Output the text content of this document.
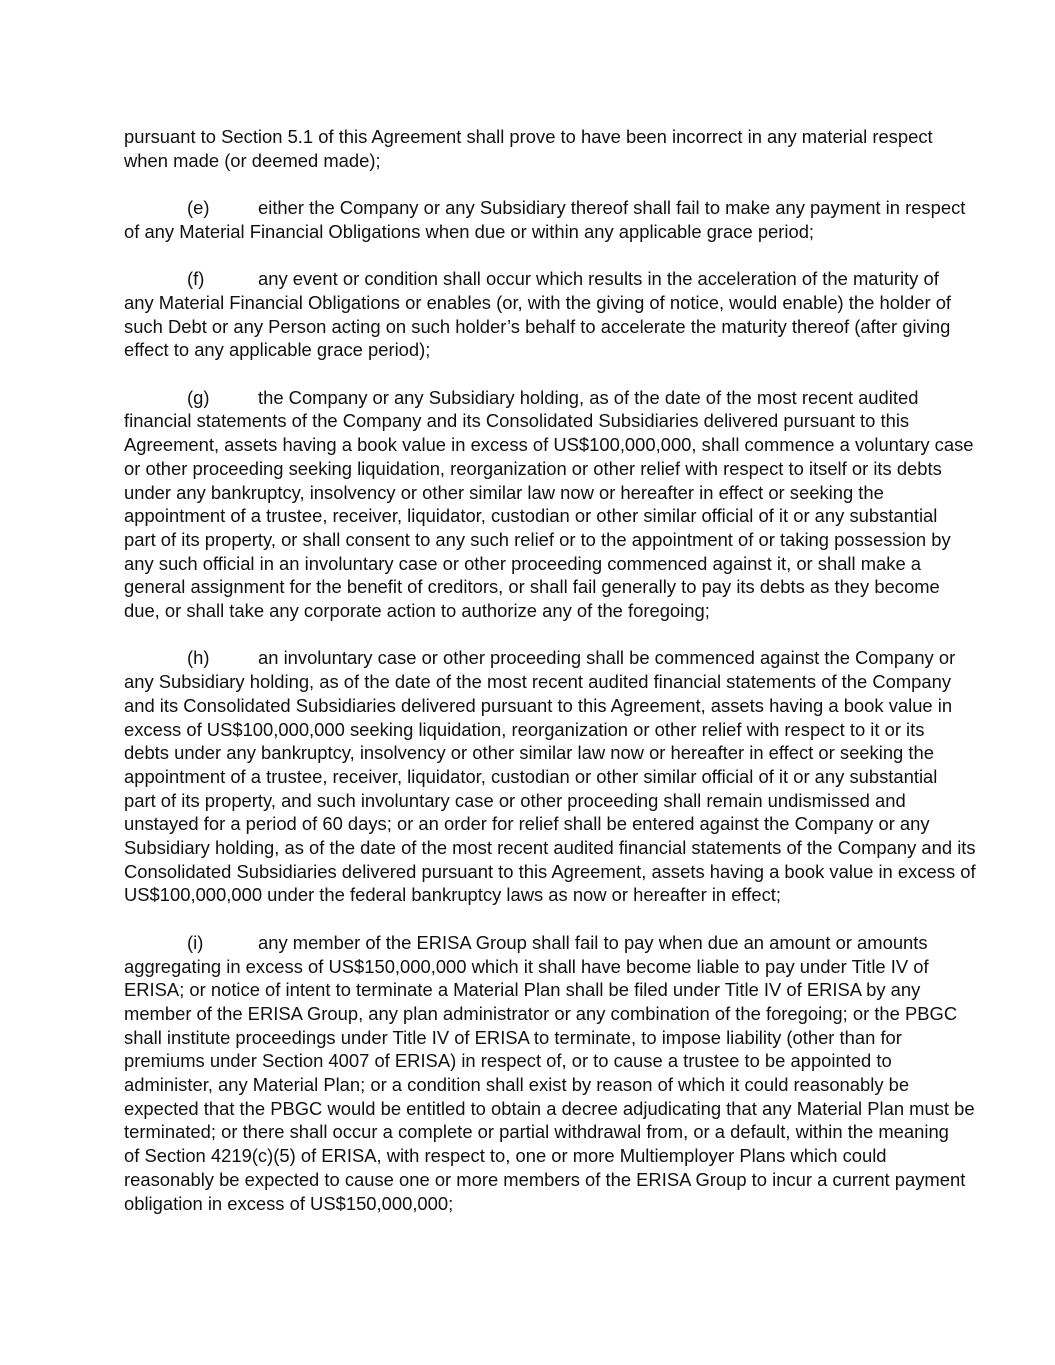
pursuant to Section 5.1 of this Agreement shall prove to have been incorrect in any material respect
when made (or deemed made);
(e)	either the Company or any Subsidiary thereof shall fail to make any payment in respect
of any Material Financial Obligations when due or within any applicable grace period;
(f)	any event or condition shall occur which results in the acceleration of the maturity of
any Material Financial Obligations or enables (or, with the giving of notice, would enable) the holder of
such Debt or any Person acting on such holder’s behalf to accelerate the maturity thereof (after giving
effect to any applicable grace period);
(g)	the Company or any Subsidiary holding, as of the date of the most recent audited
financial statements of the Company and its Consolidated Subsidiaries delivered pursuant to this
Agreement, assets having a book value in excess of US$100,000,000, shall commence a voluntary case
or other proceeding seeking liquidation, reorganization or other relief with respect to itself or its debts
under any bankruptcy, insolvency or other similar law now or hereafter in effect or seeking the
appointment of a trustee, receiver, liquidator, custodian or other similar official of it or any substantial
part of its property, or shall consent to any such relief or to the appointment of or taking possession by
any such official in an involuntary case or other proceeding commenced against it, or shall make a
general assignment for the benefit of creditors, or shall fail generally to pay its debts as they become
due, or shall take any corporate action to authorize any of the foregoing;
(h)	an involuntary case or other proceeding shall be commenced against the Company or
any Subsidiary holding, as of the date of the most recent audited financial statements of the Company
and its Consolidated Subsidiaries delivered pursuant to this Agreement, assets having a book value in
excess of US$100,000,000 seeking liquidation, reorganization or other relief with respect to it or its
debts under any bankruptcy, insolvency or other similar law now or hereafter in effect or seeking the
appointment of a trustee, receiver, liquidator, custodian or other similar official of it or any substantial
part of its property, and such involuntary case or other proceeding shall remain undismissed and
unstayed for a period of 60 days; or an order for relief shall be entered against the Company or any
Subsidiary holding, as of the date of the most recent audited financial statements of the Company and its
Consolidated Subsidiaries delivered pursuant to this Agreement, assets having a book value in excess of
US$100,000,000 under the federal bankruptcy laws as now or hereafter in effect;
(i)	any member of the ERISA Group shall fail to pay when due an amount or amounts
aggregating in excess of US$150,000,000 which it shall have become liable to pay under Title IV of
ERISA; or notice of intent to terminate a Material Plan shall be filed under Title IV of ERISA by any
member of the ERISA Group, any plan administrator or any combination of the foregoing; or the PBGC
shall institute proceedings under Title IV of ERISA to terminate, to impose liability (other than for
premiums under Section 4007 of ERISA) in respect of, or to cause a trustee to be appointed to
administer, any Material Plan; or a condition shall exist by reason of which it could reasonably be
expected that the PBGC would be entitled to obtain a decree adjudicating that any Material Plan must be
terminated; or there shall occur a complete or partial withdrawal from, or a default, within the meaning
of Section 4219(c)(5) of ERISA, with respect to, one or more Multiemployer Plans which could
reasonably be expected to cause one or more members of the ERISA Group to incur a current payment
obligation in excess of US$150,000,000;
